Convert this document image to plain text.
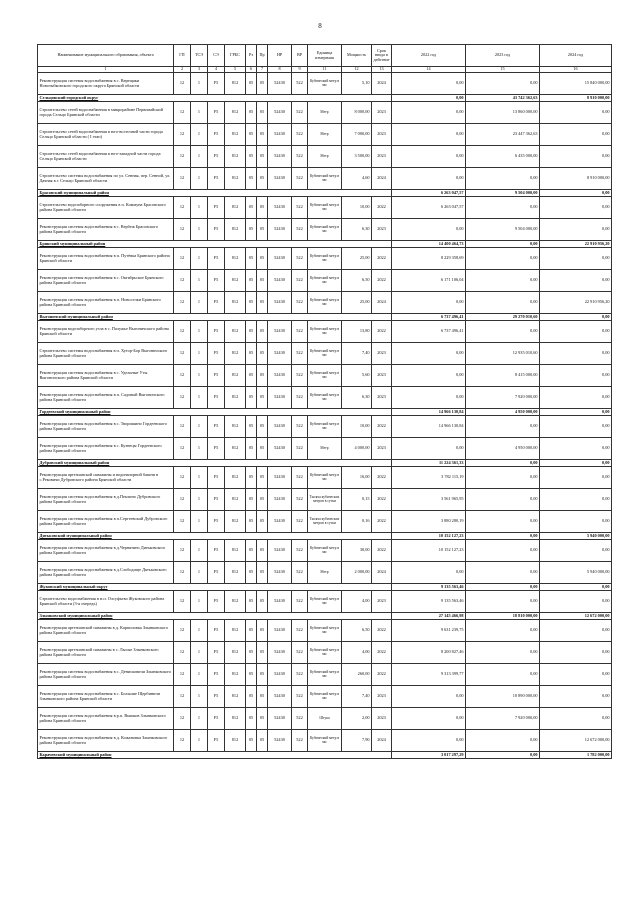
8
Наименование муниципального образования, объекта	ГП	ТСЭ	СЭ	ГРБС	Рз	Пр	НР	ВР	Единица измерения	Мощность	Срок ввода в действие	2022 год	2023 год	2024 год
1	2	3	4	5	6	7	8	9	11	12	13	14	15	16
Реконструкция системы водоснабжения в с. Верещаки Новозыбковского городского округа Брянской области	12	1	F5	812	05	05	52430	522	Кубический метр в час	5,10	2024	0,00	0,00	15 840 000,00
Сельцовский городской округ												0,00	43 742 362,63	8 910 000,00
Строительство сетей водоснабжения в микрорайоне Первомайский города Сельцо Брянской области	12	1	F5	812	05	05	52430	522	Метр	8 000,00	2023	0,00	13 860 000,00	0,00
Строительство сетей водоснабжения в юго-восточной части города Сельцо Брянской области ( I этап)	12	1	F5	812	05	05	52430	522	Метр	7 000,00	2023	0,00	23 447 362,63	0,00
Строительство сетей водоснабжения в юго-западной части города Сельцо Брянской области	12	1	F5	812	05	05	52430	522	Метр	3 500,00	2023	0,00	6 435 000,00	0,00
Строительство системы водоснабжения по ул. Сенная, пер. Сенной, ул. Дачная в г. Сельцо Брянской области	12	1	F5	812	05	05	52430	522	Кубический метр в час	4,60	2024	0,00	0,00	8 910 000,00
Брасовский муниципальный район												6 263 047,57	9 504 000,00	0,00
Строительство водозаборного сооружения в п. Коммуна Брасовского района Брянской области	12	1	F5	812	05	05	52430	522	Кубический метр в час	10,00	2022	6 263 047,57	0,00	0,00
Реконструкция системы водоснабжения в с. Вербеж Брасовского района Брянской области	12	1	F5	812	05	05	52430	522	Кубический метр в час	6,30	2023	0,00	9 504 000,00	0,00
Брянский муниципальный район												14 400 464,73	0,00	22 910 956,20
Реконструкция системы водоснабжения в п. Путёвка Брянского района Брянской области	12	1	F5	812	05	05	52430	522	Кубический метр в час	25,00	2022	8 229 358,69	0,00	0,00
Реконструкция системы водоснабжения в с. Октябрьское Брянского района Брянской области	12	1	F5	812	05	05	52430	522	Кубический метр в час	6,50	2022	6 171 106,04	0,00	0,00
Реконструкция системы водоснабжения в п. Новоселки Брянского района Брянской области	12	1	F5	812	05	05	52430	522	Кубический метр в час	25,00	2024	0,00	0,00	22 910 956,20
Выгоничский муниципальный район												6 737 496,41	29 270 010,60	0,00
Реконструкция водозаборного узла в с. Палужье Выгоничского района Брянской области	12	1	F5	812	05	05	52430	522	Кубический метр в час	13,80	2022	6 737 496,41	0,00	0,00
Строительство системы водоснабжения в п. Хутор-Бор Выгоничского района Брянской области	12	1	F5	812	05	05	52430	522	Кубический метр в час	7,40	2023	0,00	12 935 010,60	0,00
Реконструкция системы водоснабжения в с. Удельные Уты Выгоничского района Брянской области	12	1	F5	812	05	05	52430	522	Кубический метр в час	5,60	2023	0,00	8 415 000,00	0,00
Реконструкция системы водоснабжения в п. Садовый Выгоничского района Брянской области	12	1	F5	812	05	05	52430	522	Кубический метр в час	6,30	2023	0,00	7 920 000,00	0,00
Гордеевский муниципальный район												14 966 130,84	4 950 000,00	0,00
Реконструкция системы водоснабжения в с. Творишино Гордеевского района Брянской области	12	1	F5	812	05	05	52430	522	Кубический метр в час	10,00	2022	14 966 130,84	0,00	0,00
Реконструкция системы водоснабжения в с. Кузнецы Гордеевского района Брянской области	12	1	F5	812	05	05	52430	522	Метр	4 000,00	2023	0,00	4 950 000,00	0,00
Дубровский муниципальный район												11 224 361,33	0,00	0,00
Реконструкция артезианской скважины и водонапорной башни в с.Рековичи Дубровского района Брянской области	12	1	F5	812	05	05	52430	522	Кубический метр в час	16,00	2022	3 782 115,19	0,00	0,00
Реконструкция системы водоснабжения в д.Пеклино Дубровского района Брянской области	12	1	F5	812	05	05	52430	522	Тысяча кубических метров в сутки	0,15	2022	3 561 965,95	0,00	0,00
Реконструкция системы водоснабжения в п.Сергеевский Дубровского района Брянской области	12	1	F5	812	05	05	52430	522	Тысяча кубических метров в сутки	0,16	2022	3 880 280,19	0,00	0,00
Дятьковский муниципальный район												10 152 127,23	0,00	5 940 000,00
Реконструкция системы водоснабжения в д.Чернятино Дятьковского района Брянской области	12	1	F5	812	05	05	52430	522	Кубический метр в час	30,00	2022	10 152 127,23	0,00	0,00
Реконструкция системы водоснабжения в д.Слободище Дятьковского района Брянской области	12	1	F5	812	05	05	52430	522	Метр	2 000,00	2024	0,00	0,00	5 940 000,00
Жуковский муниципальный округ												9 135 563,46	0,00	0,00
Строительство водоснабжения в н.п. Олсуфьево Жуковского района Брянской области (3-я очередь)	12	1	F5	812	05	05	52430	522	Кубический метр в час	4,00	2023	9 135 563,46	0,00	0,00
Злынковский муниципальный район												27 145 466,98	18 810 000,00	12 672 000,00
Реконструкция артезианской скважины в д. Карпиловка Злынковского района Брянской области	12	1	F5	812	05	05	52430	522	Кубический метр в час	6,50	2022	9 631 239,75	0,00	0,00
Реконструкция артезианской скважины в с. Лысые Злынковского района Брянской области	12	1	F5	812	05	05	52430	522	Кубический метр в час	4,00	2022	8 200 827,46	0,00	0,00
Реконструкция системы водоснабжения в с. Денисковичи Злынковского района Брянской области	12	1	F5	812	05	05	52430	522	Кубический метр в час	260,00	2022	9 313 399,77	0,00	0,00
Реконструкция системы водоснабжения в с. Большие Щербиничи Злынковского района Брянской области	12	1	F5	812	05	05	52430	522	Кубический метр в час	7,40	2023	0,00	10 890 000,00	0,00
Реконструкция системы водоснабжения в р.п. Вышков Злынковского района Брянской области	12	1	F5	812	05	05	52430	522	Штука	2,00	2023	0,00	7 920 000,00	0,00
Реконструкция системы водоснабжения в д. Кожановка Злынковского района Брянской области	12	1	F5	812	05	05	52430	522	Кубический метр в час	7,90	2024	0,00	0,00	12 672 000,00
Карачевский муниципальный район												3 017 297,29	0,00	1 782 000,00
